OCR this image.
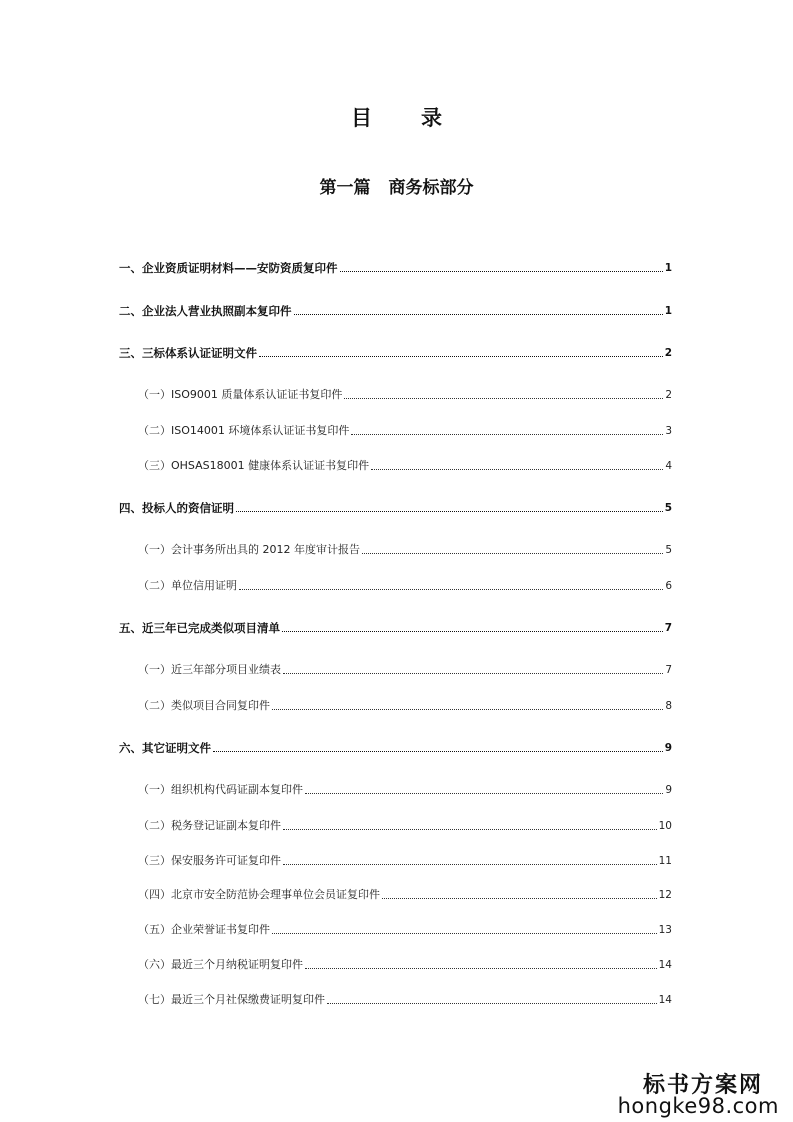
目　录
第一篇 商务标部分
一、企业资质证明材料——安防资质复印件	1
二、企业法人营业执照副本复印件	1
三、三标体系认证证明文件	2
（一）ISO9001 质量体系认证证书复印件	2
（二）ISO14001 环境体系认证证书复印件	3
（三）OHSAS18001 健康体系认证证书复印件	4
四、投标人的资信证明	5
（一）会计事务所出具的 2012 年度审计报告	5
（二）单位信用证明	6
五、近三年已完成类似项目清单	7
（一）近三年部分项目业绩表	7
（二）类似项目合同复印件	8
六、其它证明文件	9
（一）组织机构代码证副本复印件	9
（二）税务登记证副本复印件	10
（三）保安服务许可证复印件	11
（四）北京市安全防范协会理事单位会员证复印件	12
（五）企业荣誉证书复印件	13
（六）最近三个月纳税证明复印件	14
（七）最近三个月社保缴费证明复印件	14
标书方案网
hongke98.com
